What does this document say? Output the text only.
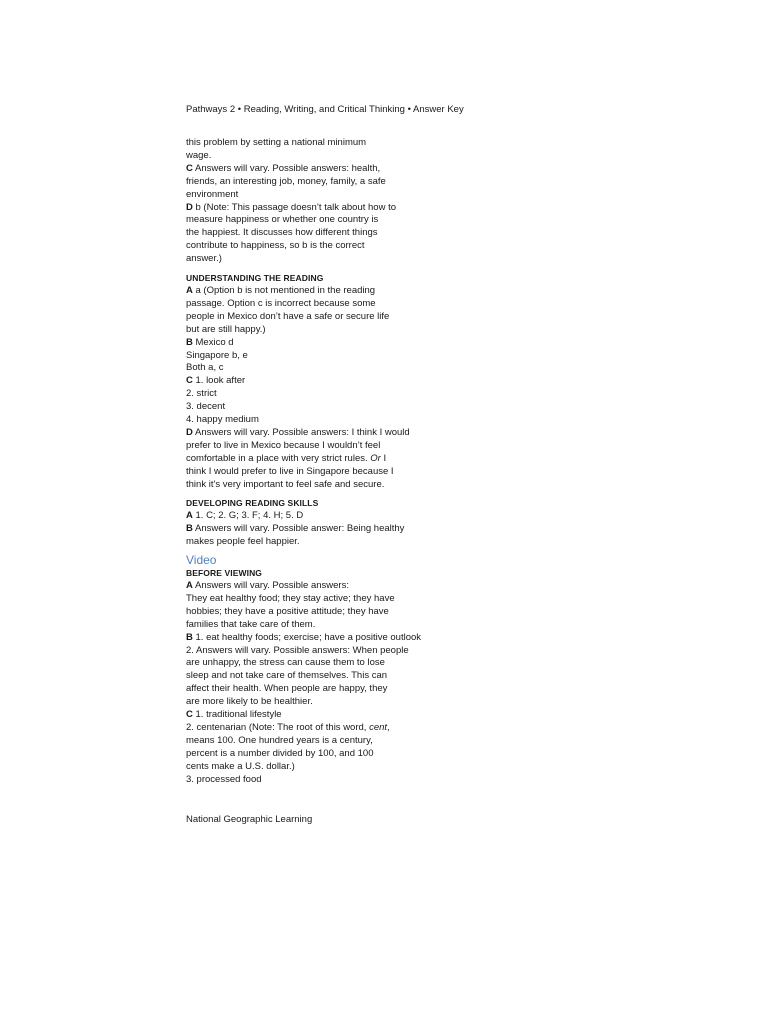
Pathways 2 • Reading, Writing, and Critical Thinking • Answer Key
this problem by setting a national minimum
wage.
C Answers will vary. Possible answers: health,
friends, an interesting job, money, family, a safe
environment
D b (Note: This passage doesn’t talk about how to
measure happiness or whether one country is
the happiest. It discusses how different things
contribute to happiness, so b is the correct
answer.)
UNDERSTANDING THE READING
A a (Option b is not mentioned in the reading
passage. Option c is incorrect because some
people in Mexico don’t have a safe or secure life
but are still happy.)
B Mexico d
Singapore b, e
Both a, c
C 1. look after
2. strict
3. decent
4. happy medium
D Answers will vary. Possible answers: I think I would
prefer to live in Mexico because I wouldn’t feel
comfortable in a place with very strict rules. Or I
think I would prefer to live in Singapore because I
think it’s very important to feel safe and secure.
DEVELOPING READING SKILLS
A 1. C; 2. G; 3. F; 4. H; 5. D
B Answers will vary. Possible answer: Being healthy
makes people feel happier.
Video
BEFORE VIEWING
A Answers will vary. Possible answers:
They eat healthy food; they stay active; they have
hobbies; they have a positive attitude; they have
families that take care of them.
B 1. eat healthy foods; exercise; have a positive outlook
2. Answers will vary. Possible answers: When people
are unhappy, the stress can cause them to lose
sleep and not take care of themselves. This can
affect their health. When people are happy, they
are more likely to be healthier.
C 1. traditional lifestyle
2. centenarian (Note: The root of this word, cent,
means 100. One hundred years is a century,
percent is a number divided by 100, and 100
cents make a U.S. dollar.)
3. processed food
National Geographic Learning
